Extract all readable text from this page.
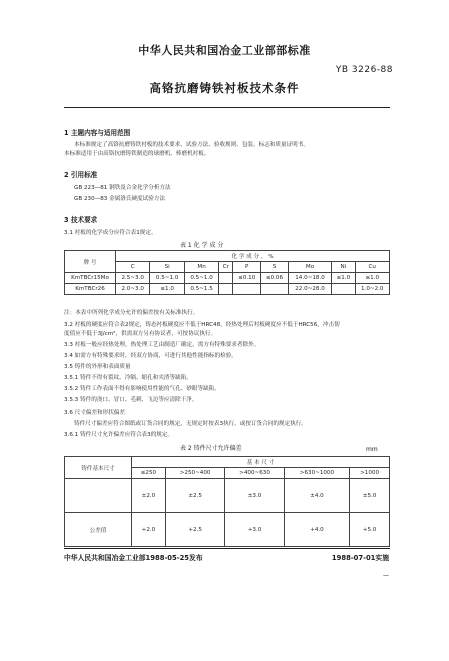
中华人民共和国冶金工业部部标准
YB 3226-88
高铬抗磨铸铁衬板技术条件
1 主题内容与适用范围
本标准规定了高铬抗磨铸铁衬板的技术要求、试验方法、验收规则、包装、标志和质量证明书。
本标准适用于由高铬抗磨铸铁制造的球磨机、棒磨机衬板。
2 引用标准
GB 223—81 钢铁及合金化学分析方法
GB 230—83 金属洛氏硬度试验方法
3 技术要求
3.1 衬板的化学成分应符合表1规定。
表 1 化 学 成 分
牌 号	化 学 成 分 ， %								
	C	Si	Mn	Cr	P	S	Mo	Ni	Cu
KmTBCr15Mo	2.5~3.0	0.5~1.0	0.5~1.0		≤0.10	≤0.06	14.0~18.0	≤1.0	≤1.0
KmTBCr26	2.0~3.0	≤1.0	0.5~1.5				22.0~28.0		1.0~2.0
注：本表中所列化学成分允许的偏差按有关标准执行。
3.2 衬板的硬度应符合表2规定，铸态衬板硬度应不低于HRC48，经热处理后衬板硬度应不低于HRC56，冲击韧
度值应不低于3J/cm²，供需双方另有协议者，可按协议执行。
3.3 衬板一般应经热处理，热处理工艺由制造厂确定，需方有特殊要求者除外。
3.4 如需方有特殊要求时，经双方协商，可进行其他性能指标的检验。
3.5 铸件的外形和表面质量
3.5.1 铸件不得有裂纹、冷隔、缩孔和夹渣等缺陷。
3.5.2 铸件工作表面不得有影响使用性能的气孔、砂眼等缺陷。
3.5.3 铸件的浇口、冒口、毛刺、飞边等应清除干净。
3.6 尺寸偏差和形状偏差
铸件尺寸偏差应符合图纸或订货合同的规定，无规定时按表3执行，或按订货合同的规定执行。
3.6.1 铸件尺寸允许偏差应符合表3的规定。
表 2 铸件尺寸允许偏差	mm
铸件基本尺寸	基 本 尺 寸				
	≤250	>250~400	>400~630	>630~1000	>1000
	±2.0	±2.5	±3.0	±4.0	±5.0
公差值	+2.0	+2.5	+3.0	+4.0	+5.0
中华人民共和国冶金工业部1988-05-25发布	1988-07-01实施
—
